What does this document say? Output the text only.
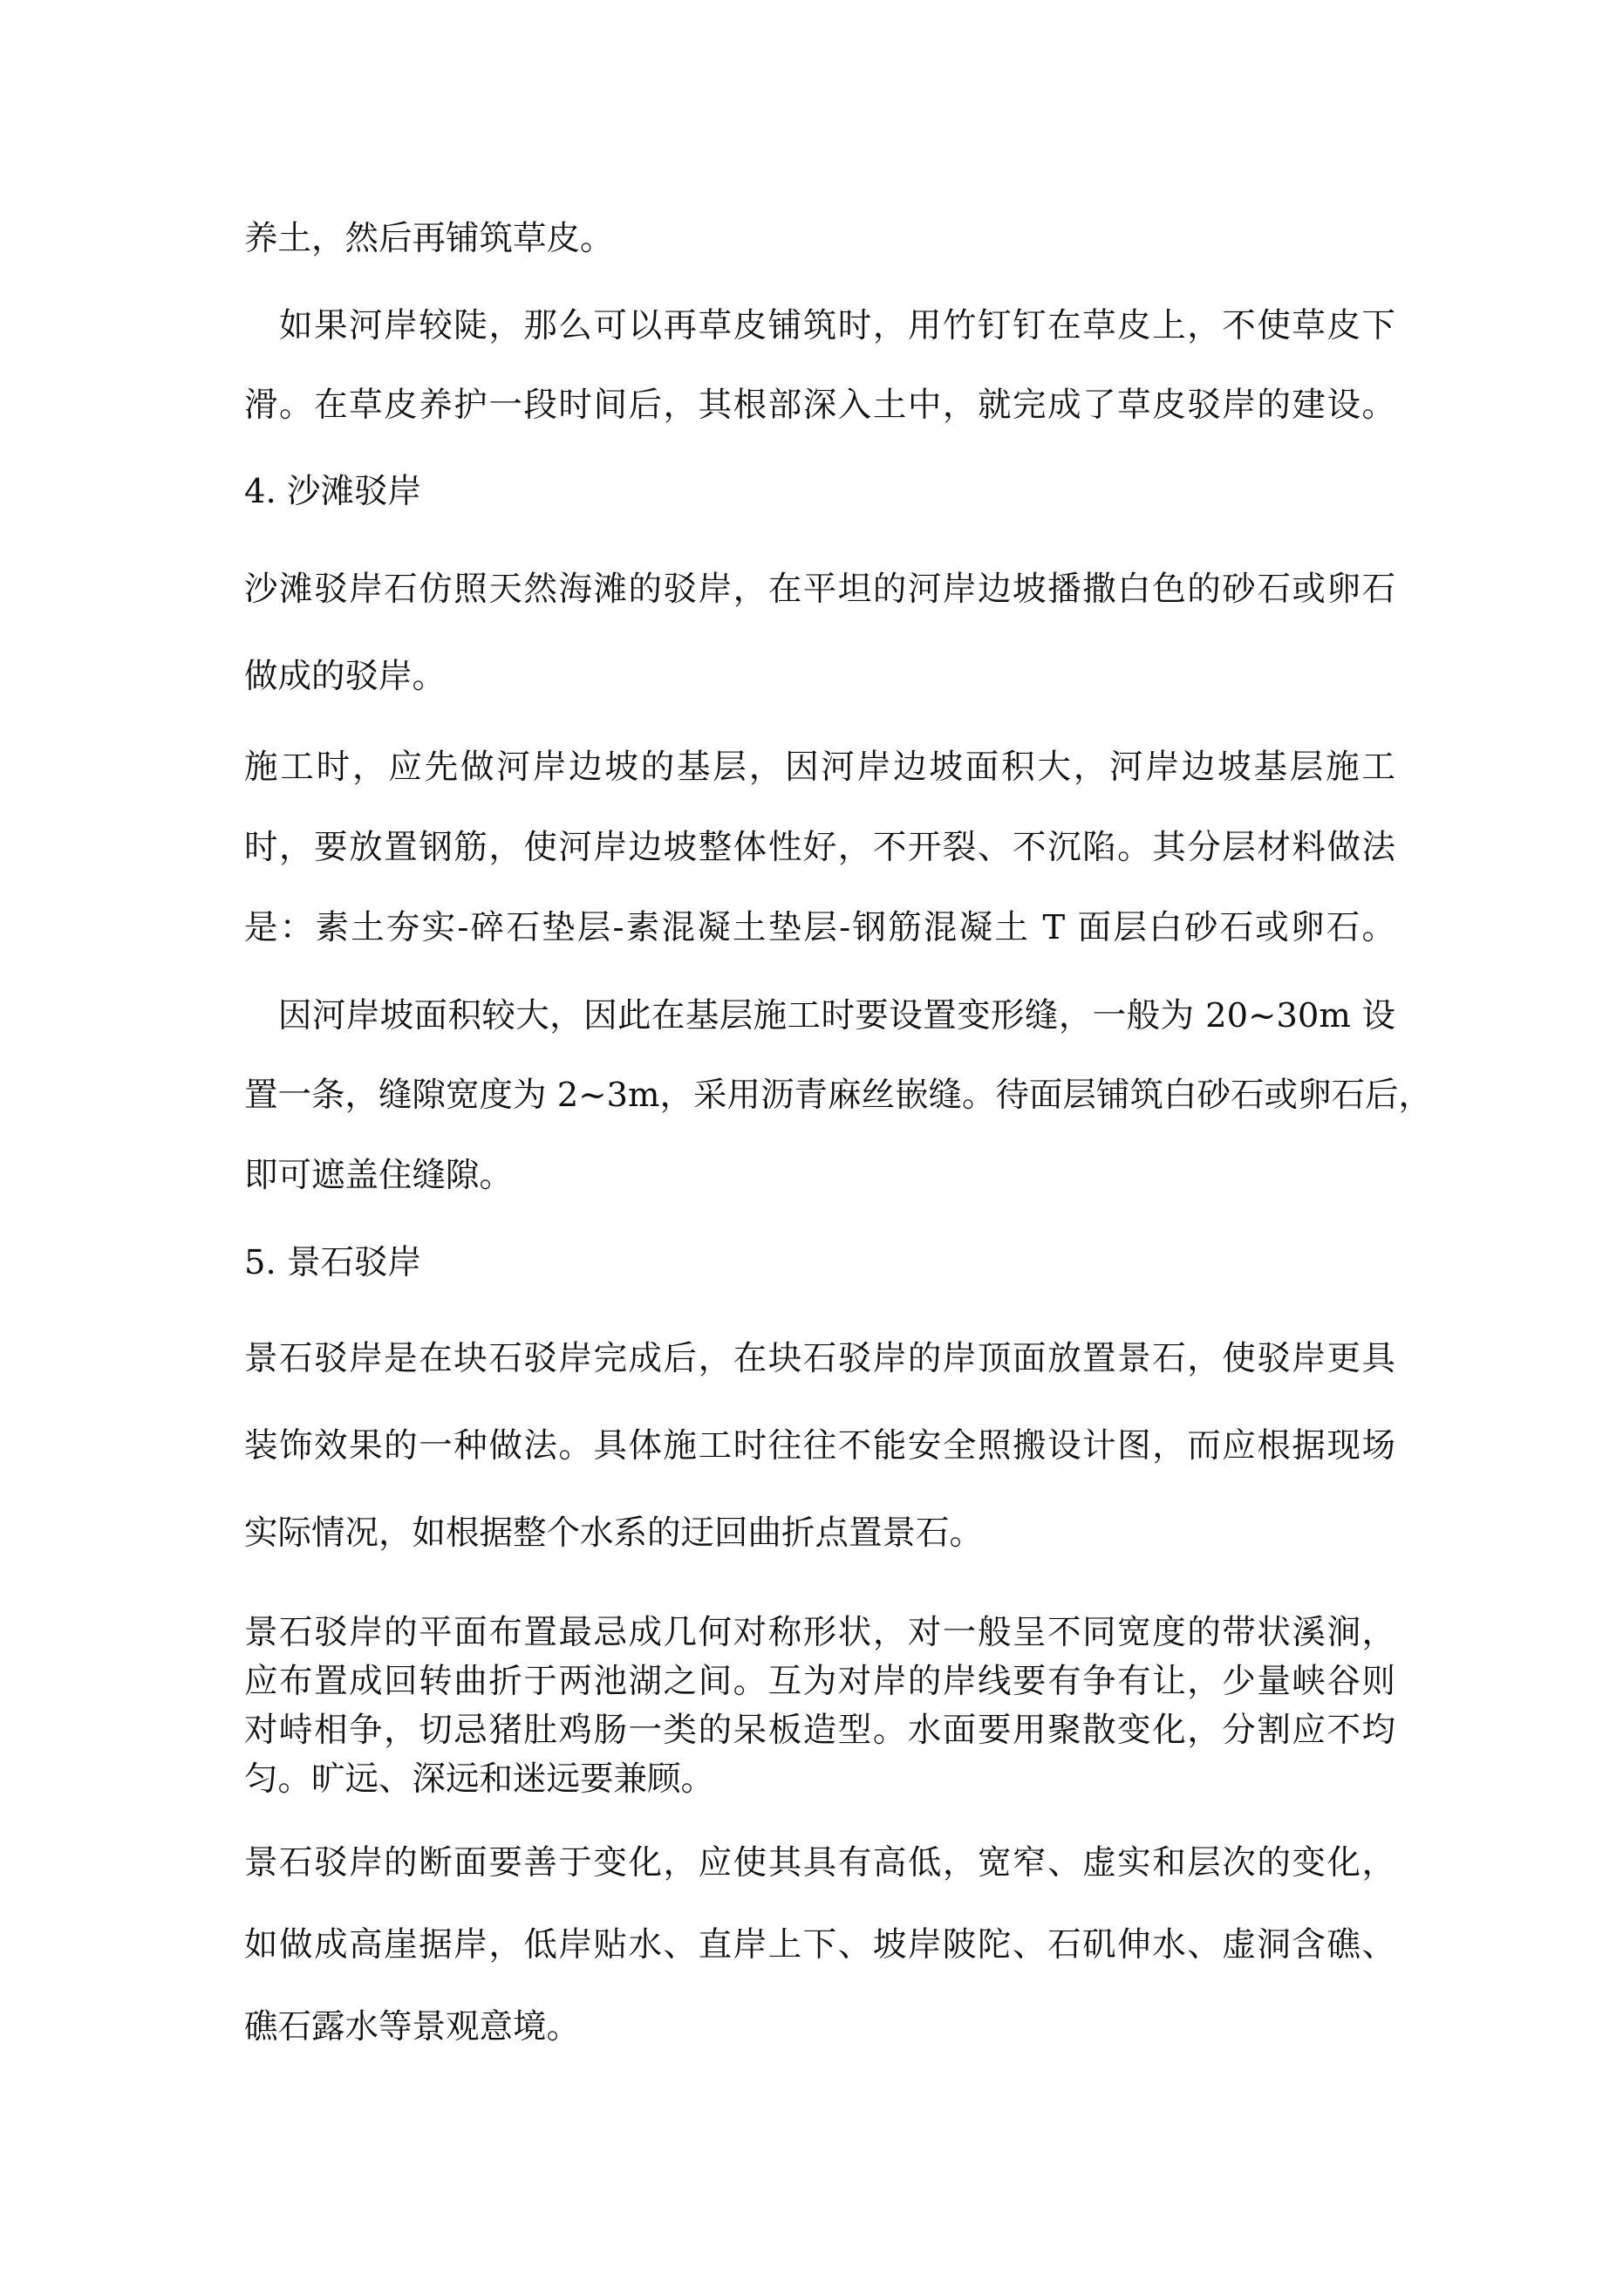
养土，然后再铺筑草皮。
　如果河岸较陡，那么可以再草皮铺筑时，用竹钉钉在草皮上，不使草皮下
滑。在草皮养护一段时间后，其根部深入土中，就完成了草皮驳岸的建设。
4. 沙滩驳岸
沙滩驳岸石仿照天然海滩的驳岸，在平坦的河岸边坡播撒白色的砂石或卵石
做成的驳岸。
施工时，应先做河岸边坡的基层，因河岸边坡面积大，河岸边坡基层施工
时，要放置钢筋，使河岸边坡整体性好，不开裂、不沉陷。其分层材料做法
是：素土夯实-碎石垫层-素混凝土垫层-钢筋混凝土 T 面层白砂石或卵石。
　因河岸坡面积较大，因此在基层施工时要设置变形缝，一般为 20~30m 设
置一条，缝隙宽度为 2~3m，采用沥青麻丝嵌缝。待面层铺筑白砂石或卵石后，
即可遮盖住缝隙。
5. 景石驳岸
景石驳岸是在块石驳岸完成后，在块石驳岸的岸顶面放置景石，使驳岸更具
装饰效果的一种做法。具体施工时往往不能安全照搬设计图，而应根据现场
实际情况，如根据整个水系的迂回曲折点置景石。
景石驳岸的平面布置最忌成几何对称形状，对一般呈不同宽度的带状溪涧，
应布置成回转曲折于两池湖之间。互为对岸的岸线要有争有让，少量峡谷则
对峙相争，切忌猪肚鸡肠一类的呆板造型。水面要用聚散变化，分割应不均
匀。旷远、深远和迷远要兼顾。
景石驳岸的断面要善于变化，应使其具有高低，宽窄、虚实和层次的变化，
如做成高崖据岸，低岸贴水、直岸上下、坡岸陂陀、石矶伸水、虚洞含礁、
礁石露水等景观意境。
